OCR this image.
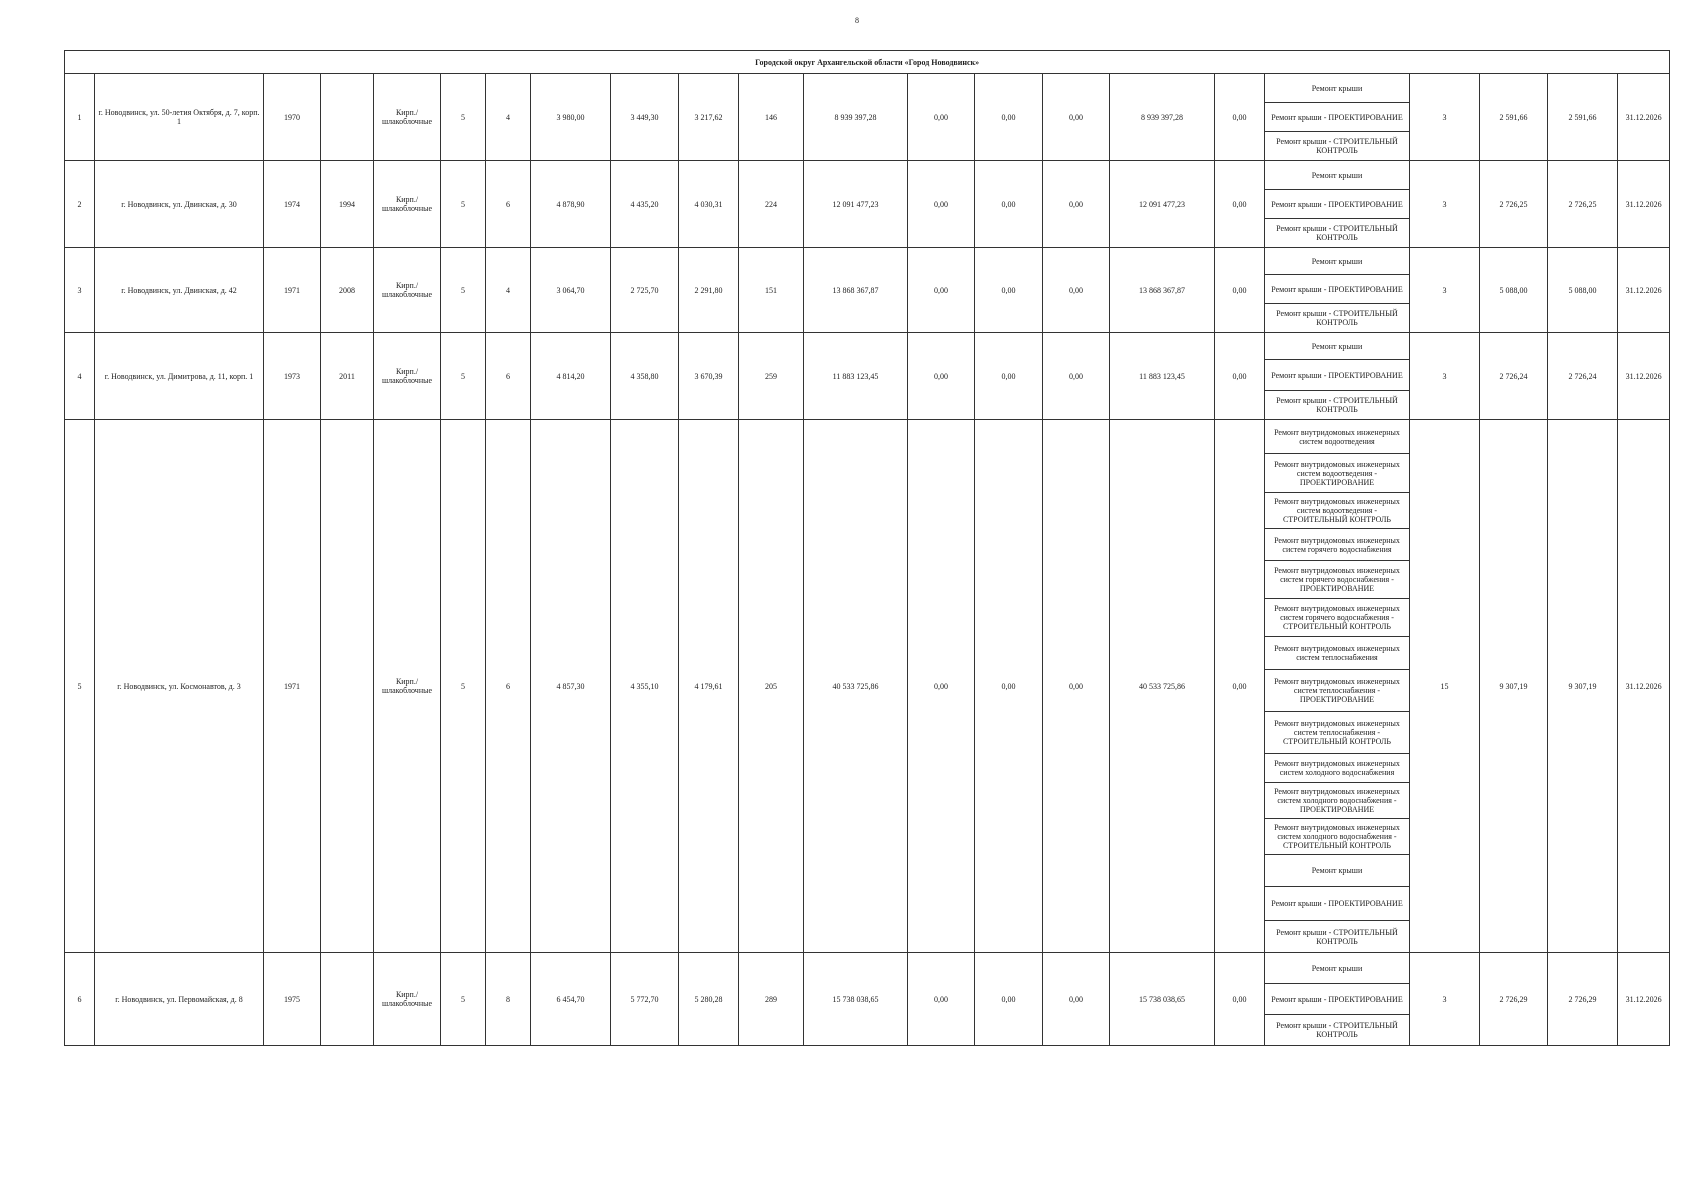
8
Городской округ Архангельской области «Город Новодвинск»																					
1	г. Новодвинск, ул. 50-летия Октября, д. 7, корп. 1	1970		Кирп./ шлакоблочные	5	4	3 980,00	3 449,30	3 217,62	146	8 939 397,28	0,00	0,00	0,00	8 939 397,28	0,00	Ремонт крыши	3	2 591,66	2 591,66	31.12.2026
																	Ремонт крыши - ПРОЕКТИРОВАНИЕ				
																	Ремонт крыши - СТРОИТЕЛЬНЫЙ КОНТРОЛЬ				
2	г. Новодвинск, ул. Двинская, д. 30	1974	1994	Кирп./ шлакоблочные	5	6	4 878,90	4 435,20	4 030,31	224	12 091 477,23	0,00	0,00	0,00	12 091 477,23	0,00	Ремонт крыши	3	2 726,25	2 726,25	31.12.2026
																	Ремонт крыши - ПРОЕКТИРОВАНИЕ				
																	Ремонт крыши - СТРОИТЕЛЬНЫЙ КОНТРОЛЬ				
3	г. Новодвинск, ул. Двинская, д. 42	1971	2008	Кирп./ шлакоблочные	5	4	3 064,70	2 725,70	2 291,80	151	13 868 367,87	0,00	0,00	0,00	13 868 367,87	0,00	Ремонт крыши	3	5 088,00	5 088,00	31.12.2026
																	Ремонт крыши - ПРОЕКТИРОВАНИЕ				
																	Ремонт крыши - СТРОИТЕЛЬНЫЙ КОНТРОЛЬ				
4	г. Новодвинск, ул. Димитрова, д. 11, корп. 1	1973	2011	Кирп./ шлакоблочные	5	6	4 814,20	4 358,80	3 670,39	259	11 883 123,45	0,00	0,00	0,00	11 883 123,45	0,00	Ремонт крыши	3	2 726,24	2 726,24	31.12.2026
																	Ремонт крыши - ПРОЕКТИРОВАНИЕ				
																	Ремонт крыши - СТРОИТЕЛЬНЫЙ КОНТРОЛЬ				
5	г. Новодвинск, ул. Космонавтов, д. 3	1971		Кирп./ шлакоблочные	5	6	4 857,30	4 355,10	4 179,61	205	40 533 725,86	0,00	0,00	0,00	40 533 725,86	0,00	Ремонт внутридомовых инженерных систем водоотведения	15	9 307,19	9 307,19	31.12.2026
																	Ремонт внутридомовых инженерных систем водоотведения - ПРОЕКТИРОВАНИЕ				
																	Ремонт внутридомовых инженерных систем водоотведения - СТРОИТЕЛЬНЫЙ КОНТРОЛЬ				
																	Ремонт внутридомовых инженерных систем горячего водоснабжения				
																	Ремонт внутридомовых инженерных систем горячего водоснабжения - ПРОЕКТИРОВАНИЕ				
																	Ремонт внутридомовых инженерных систем горячего водоснабжения - СТРОИТЕЛЬНЫЙ КОНТРОЛЬ				
																	Ремонт внутридомовых инженерных систем теплоснабжения				
																	Ремонт внутридомовых инженерных систем теплоснабжения - ПРОЕКТИРОВАНИЕ				
																	Ремонт внутридомовых инженерных систем теплоснабжения - СТРОИТЕЛЬНЫЙ КОНТРОЛЬ				
																	Ремонт внутридомовых инженерных систем холодного водоснабжения				
																	Ремонт внутридомовых инженерных систем холодного водоснабжения - ПРОЕКТИРОВАНИЕ				
																	Ремонт внутридомовых инженерных систем холодного водоснабжения - СТРОИТЕЛЬНЫЙ КОНТРОЛЬ				
																	Ремонт крыши				
																	Ремонт крыши - ПРОЕКТИРОВАНИЕ				
																	Ремонт крыши - СТРОИТЕЛЬНЫЙ КОНТРОЛЬ				
6	г. Новодвинск, ул. Первомайская, д. 8	1975		Кирп./ шлакоблочные	5	8	6 454,70	5 772,70	5 280,28	289	15 738 038,65	0,00	0,00	0,00	15 738 038,65	0,00	Ремонт крыши	3	2 726,29	2 726,29	31.12.2026
																	Ремонт крыши - ПРОЕКТИРОВАНИЕ				
																	Ремонт крыши - СТРОИТЕЛЬНЫЙ КОНТРОЛЬ				
